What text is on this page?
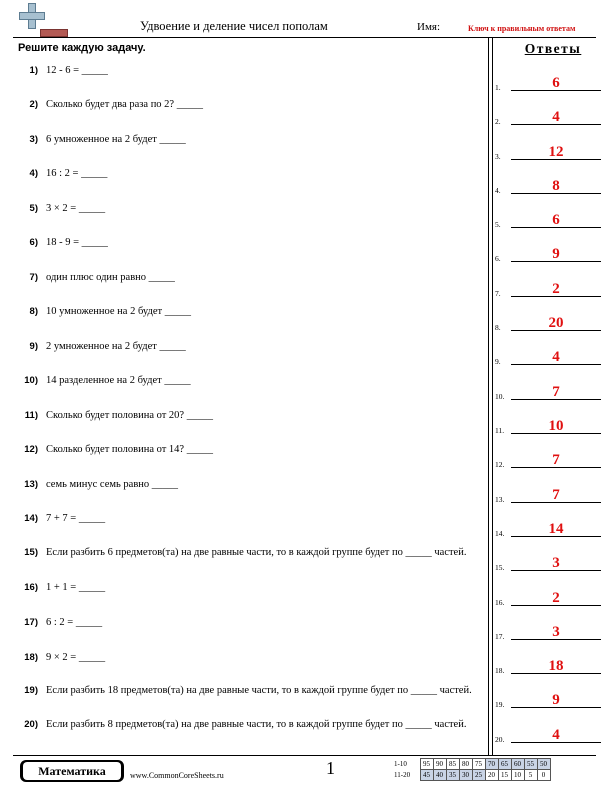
Удвоение и деление чисел пополам	Имя:	Ключ к правильным ответам
Решите каждую задачу.	Ответы
1) 12 - 6 = _____
2) Сколько будет два раза по 2? _____
3) 6 умноженное на 2 будет _____
4) 16 : 2 = _____
5) 3 × 2 = _____
6) 18 - 9 = _____
7) один плюс один равно _____
8) 10 умноженное на 2 будет _____
9) 2 умноженное на 2 будет _____
10) 14 разделенное на 2 будет _____
11) Сколько будет половина от 20? _____
12) Сколько будет половина от 14? _____
13) семь минус семь равно _____
14) 7 + 7 = _____
15) Если разбить 6 предметов(та) на две равные части, то в каждой группе будет по _____ частей.
16) 1 + 1 = _____
17) 6 : 2 = _____
18) 9 × 2 = _____
19) Если разбить 18 предметов(та) на две равные части, то в каждой группе будет по _____ частей.
20) Если разбить 8 предметов(та) на две равные части, то в каждой группе будет по _____ частей.
1.	6
2.	4
3.	12
4.	8
5.	6
6.	9
7.	2
8.	20
9.	4
10.	7
11.	10
12.	7
13.	7
14.	14
15.	3
16.	2
17.	3
18.	18
19.	9
20.	4
Математика	www.CommonCoreSheets.ru	1	1-10	95	90	85	80	75	70	65	60	55	50
11-20	45	40	35	30	25	20	15	10	5	0
